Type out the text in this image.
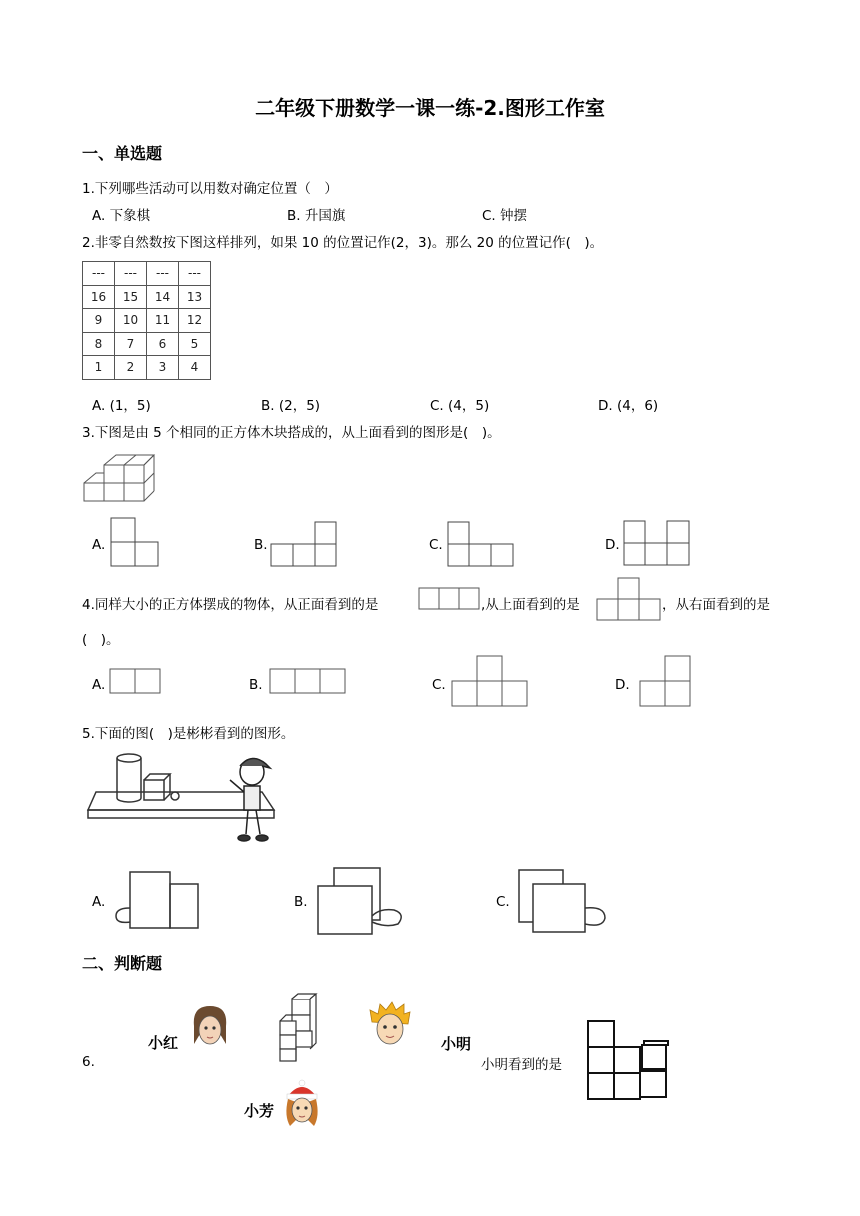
二年级下册数学一课一练-2.图形工作室
一、单选题
1.下列哪些活动可以用数对确定位置（　）
A. 下象棋	B. 升国旗	C. 钟摆
2.非零自然数按下图这样排列，如果 10 的位置记作(2，3)。那么 20 的位置记作(　)。
---	---	---	---
16	15	14	13
9	10	11	12
8	7	6	5
1	2	3	4
A. (1，5)	B. (2，5)	C. (4，5)	D. (4，6)
3.下图是由 5 个相同的正方体木块搭成的，从上面看到的图形是(　)。
A.	B.	C.	D.
4.同样大小的正方体摆成的物体，从正面看到的是	,从上面看到的是	，从右面看到的是
(　)。
A.	B.	C.	D.
5.下面的图(　)是彬彬看到的图形。
A.	B.	C.
二、判断题
6.
小红	小明
小明看到的是
小芳
